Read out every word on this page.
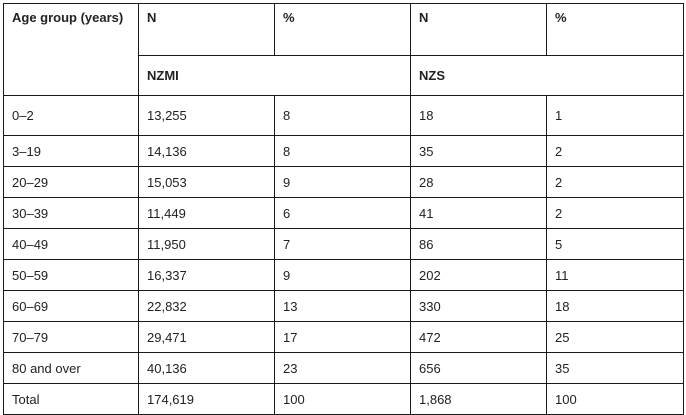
Age group (years)	N	%	N	%
	NZMI		NZS	
0–2	13,255	8	18	1
3–19	14,136	8	35	2
20–29	15,053	9	28	2
30–39	11,449	6	41	2
40–49	11,950	7	86	5
50–59	16,337	9	202	11
60–69	22,832	13	330	18
70–79	29,471	17	472	25
80 and over	40,136	23	656	35
Total	174,619	100	1,868	100
